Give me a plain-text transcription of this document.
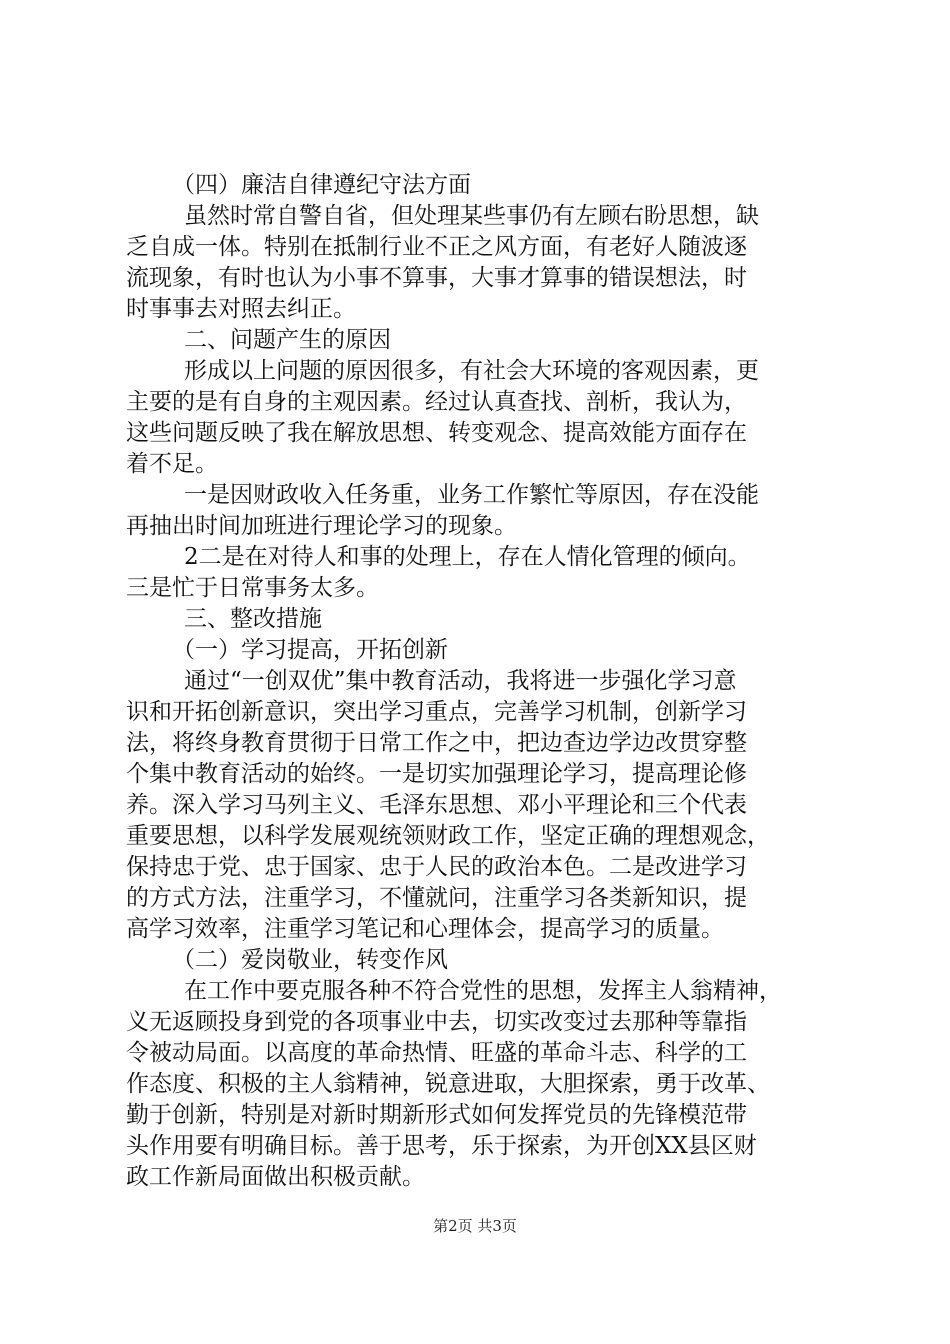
（四）廉洁自律遵纪守法方面
虽然时常自警自省，但处理某些事仍有左顾右盼思想，缺
乏自成一体。特别在抵制行业不正之风方面，有老好人随波逐
流现象，有时也认为小事不算事，大事才算事的错误想法，时
时事事去对照去纠正。
二、问题产生的原因
形成以上问题的原因很多，有社会大环境的客观因素，更
主要的是有自身的主观因素。经过认真查找、剖析，我认为，
这些问题反映了我在解放思想、转变观念、提高效能方面存在
着不足。
一是因财政收入任务重，业务工作繁忙等原因，存在没能
再抽出时间加班进行理论学习的现象。
2二是在对待人和事的处理上，存在人情化管理的倾向。
三是忙于日常事务太多。
三、整改措施
（一）学习提高，开拓创新
通过“一创双优”集中教育活动，我将进一步强化学习意
识和开拓创新意识，突出学习重点，完善学习机制，创新学习
法，将终身教育贯彻于日常工作之中，把边查边学边改贯穿整
个集中教育活动的始终。一是切实加强理论学习，提高理论修
养。深入学习马列主义、毛泽东思想、邓小平理论和三个代表
重要思想，以科学发展观统领财政工作，坚定正确的理想观念，
保持忠于党、忠于国家、忠于人民的政治本色。二是改进学习
的方式方法，注重学习，不懂就问，注重学习各类新知识，提
高学习效率，注重学习笔记和心理体会，提高学习的质量。
（二）爱岗敬业，转变作风
在工作中要克服各种不符合党性的思想，发挥主人翁精神，
义无返顾投身到党的各项事业中去，切实改变过去那种等靠指
令被动局面。以高度的革命热情、旺盛的革命斗志、科学的工
作态度、积极的主人翁精神，锐意进取，大胆探索，勇于改革、
勤于创新，特别是对新时期新形式如何发挥党员的先锋模范带
头作用要有明确目标。善于思考，乐于探索，为开创XX县区财
政工作新局面做出积极贡献。
第2页 共3页
